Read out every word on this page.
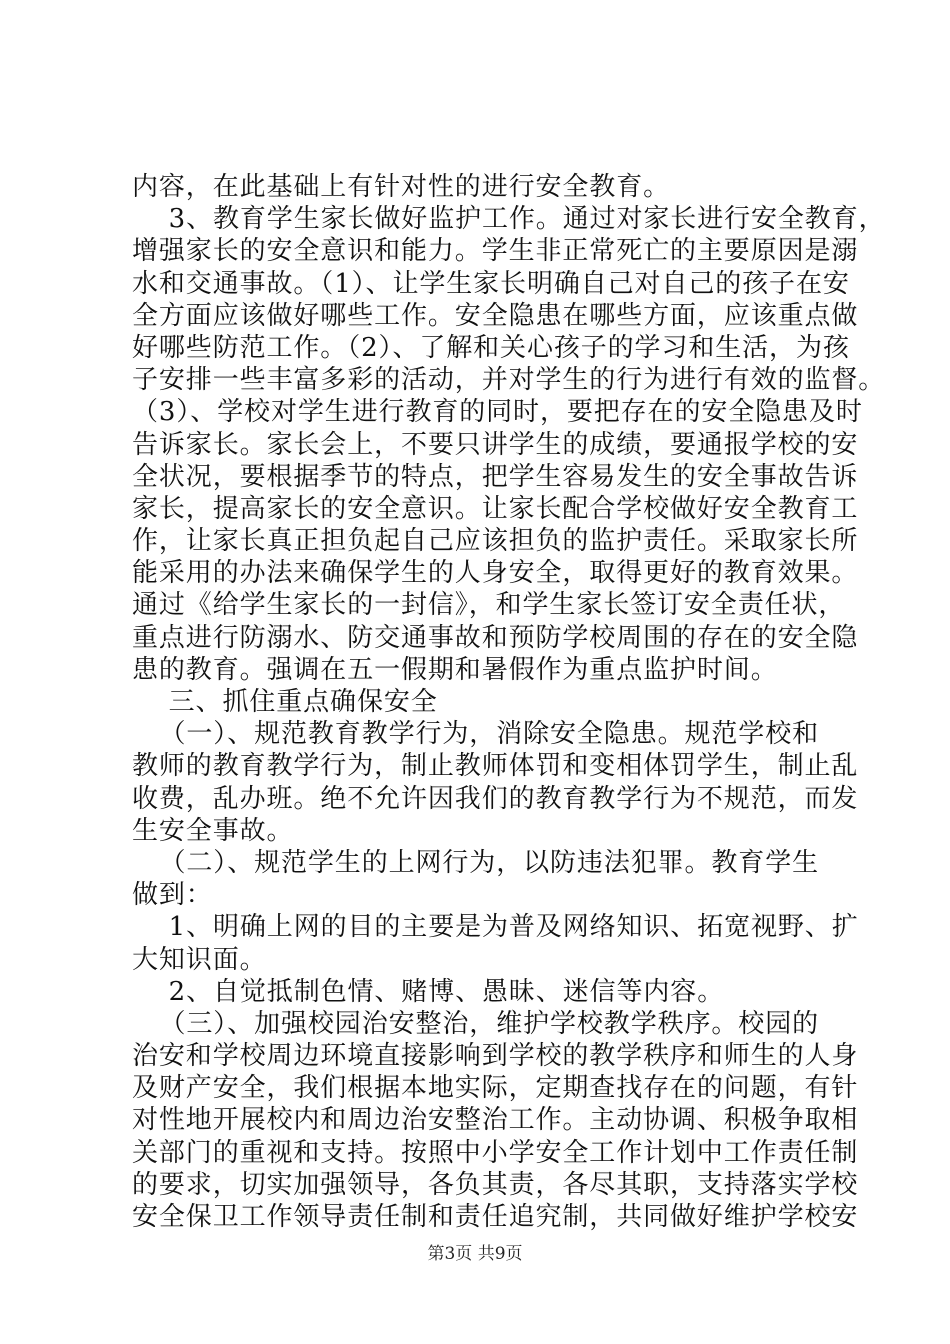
内容，在此基础上有针对性的进行安全教育。
3、教育学生家长做好监护工作。通过对家长进行安全教育，
增强家长的安全意识和能力。学生非正常死亡的主要原因是溺
水和交通事故。（1）、让学生家长明确自己对自己的孩子在安
全方面应该做好哪些工作。安全隐患在哪些方面，应该重点做
好哪些防范工作。（2）、了解和关心孩子的学习和生活，为孩
子安排一些丰富多彩的活动，并对学生的行为进行有效的监督。
（3）、学校对学生进行教育的同时，要把存在的安全隐患及时
告诉家长。家长会上，不要只讲学生的成绩，要通报学校的安
全状况，要根据季节的特点，把学生容易发生的安全事故告诉
家长，提高家长的安全意识。让家长配合学校做好安全教育工
作，让家长真正担负起自己应该担负的监护责任。采取家长所
能采用的办法来确保学生的人身安全，取得更好的教育效果。
通过《给学生家长的一封信》，和学生家长签订安全责任状，
重点进行防溺水、防交通事故和预防学校周围的存在的安全隐
患的教育。强调在五一假期和暑假作为重点监护时间。
三、抓住重点确保安全
（一）、规范教育教学行为，消除安全隐患。规范学校和
教师的教育教学行为，制止教师体罚和变相体罚学生，制止乱
收费，乱办班。绝不允许因我们的教育教学行为不规范，而发
生安全事故。
（二）、规范学生的上网行为，以防违法犯罪。教育学生
做到：
1、明确上网的目的主要是为普及网络知识、拓宽视野、扩
大知识面。
2、自觉抵制色情、赌博、愚昧、迷信等内容。
（三）、加强校园治安整治，维护学校教学秩序。校园的
治安和学校周边环境直接影响到学校的教学秩序和师生的人身
及财产安全，我们根据本地实际，定期查找存在的问题，有针
对性地开展校内和周边治安整治工作。主动协调、积极争取相
关部门的重视和支持。按照中小学安全工作计划中工作责任制
的要求，切实加强领导，各负其责，各尽其职，支持落实学校
安全保卫工作领导责任制和责任追究制，共同做好维护学校安
第3页 共9页
